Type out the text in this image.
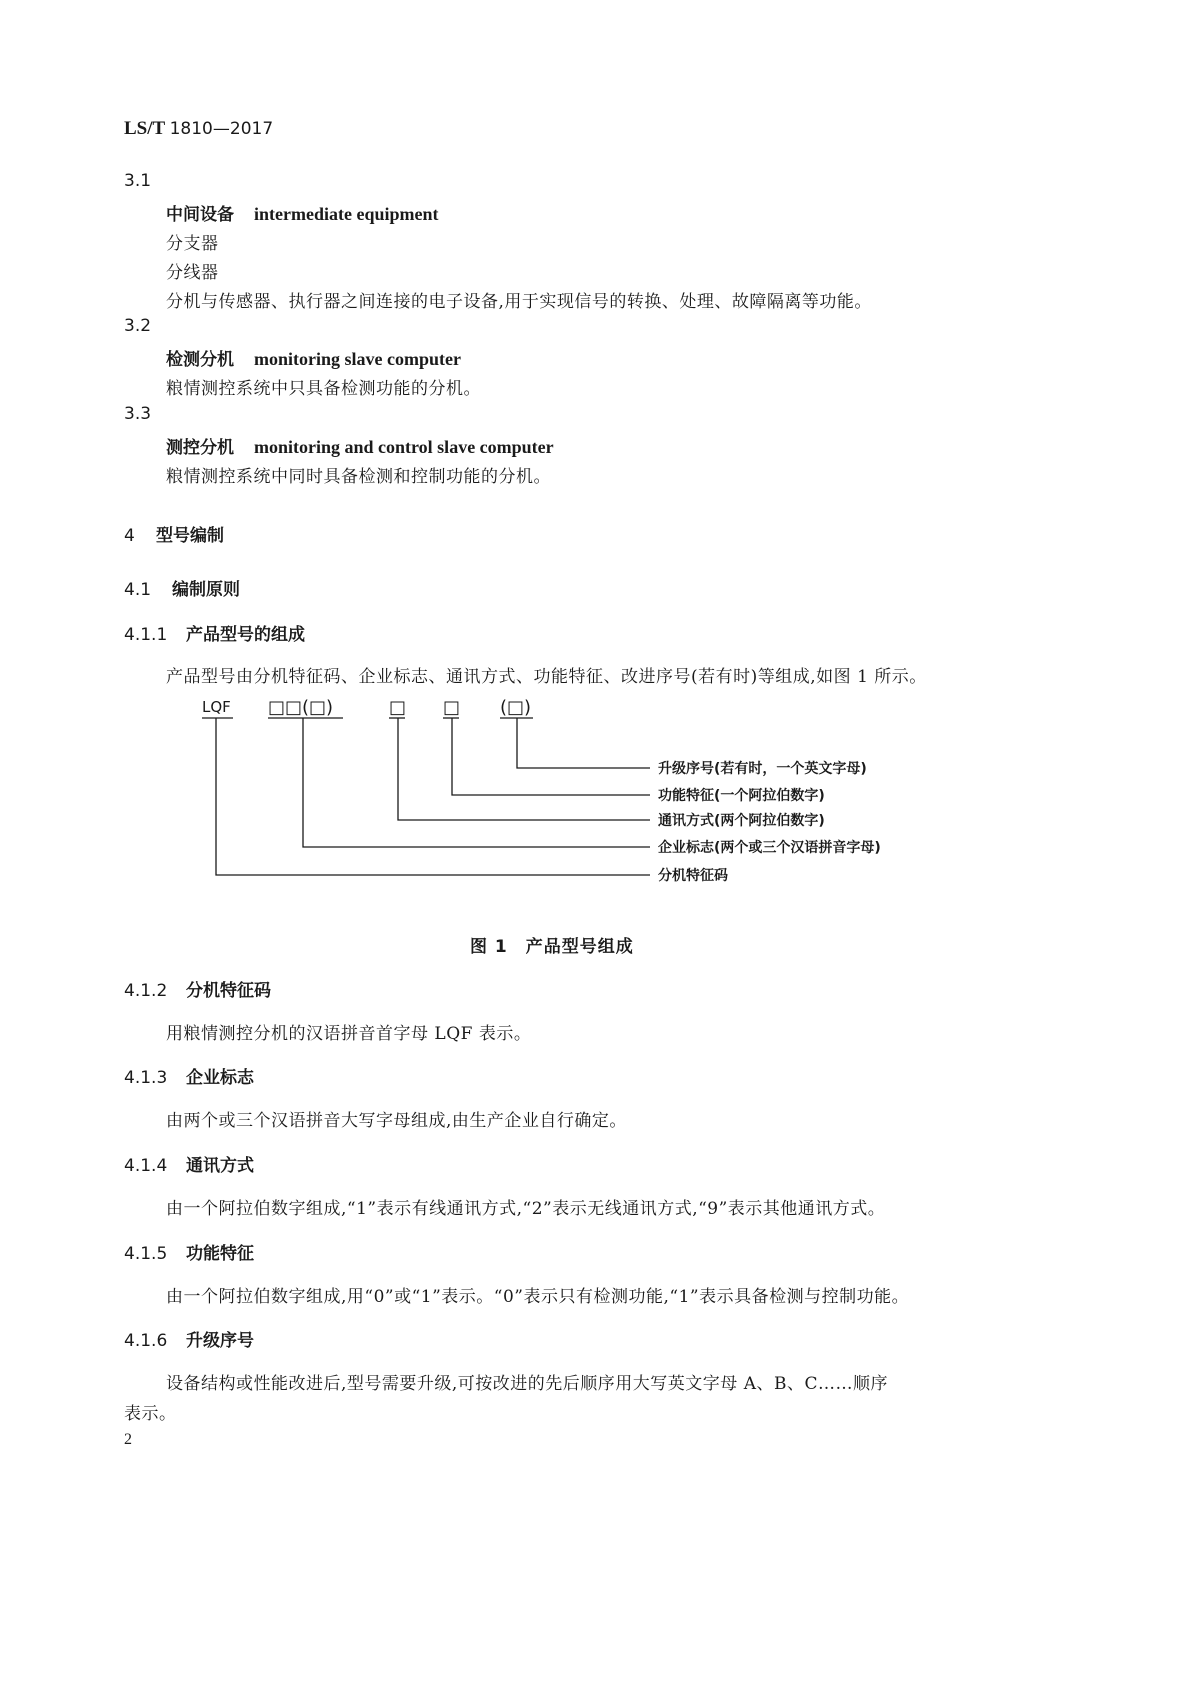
LS/T 1810—2017
3.1
中间设备 intermediate equipment
分支器
分线器
分机与传感器、执行器之间连接的电子设备,用于实现信号的转换、处理、故障隔离等功能。
3.2
检测分机 monitoring slave computer
粮情测控系统中只具备检测功能的分机。
3.3
测控分机 monitoring and control slave computer
粮情测控系统中同时具备检测和控制功能的分机。
4 型号编制
4.1 编制原则
4.1.1 产品型号的组成
产品型号由分机特征码、企业标志、通讯方式、功能特征、改进序号(若有时)等组成,如图 1 所示。
LQF □□(□)	□ □ (□)
升级序号(若有时，一个英文字母)
功能特征(一个阿拉伯数字)
通讯方式(两个阿拉伯数字)
企业标志(两个或三个汉语拼音字母)
分机特征码
图 1　产品型号组成
4.1.2 分机特征码
用粮情测控分机的汉语拼音首字母 LQF 表示。
4.1.3 企业标志
由两个或三个汉语拼音大写字母组成,由生产企业自行确定。
4.1.4 通讯方式
由一个阿拉伯数字组成,“1”表示有线通讯方式,“2”表示无线通讯方式,“9”表示其他通讯方式。
4.1.5 功能特征
由一个阿拉伯数字组成,用“0”或“1”表示。“0”表示只有检测功能,“1”表示具备检测与控制功能。
4.1.6 升级序号
设备结构或性能改进后,型号需要升级,可按改进的先后顺序用大写英文字母 A、B、C……顺序
表示。
2
